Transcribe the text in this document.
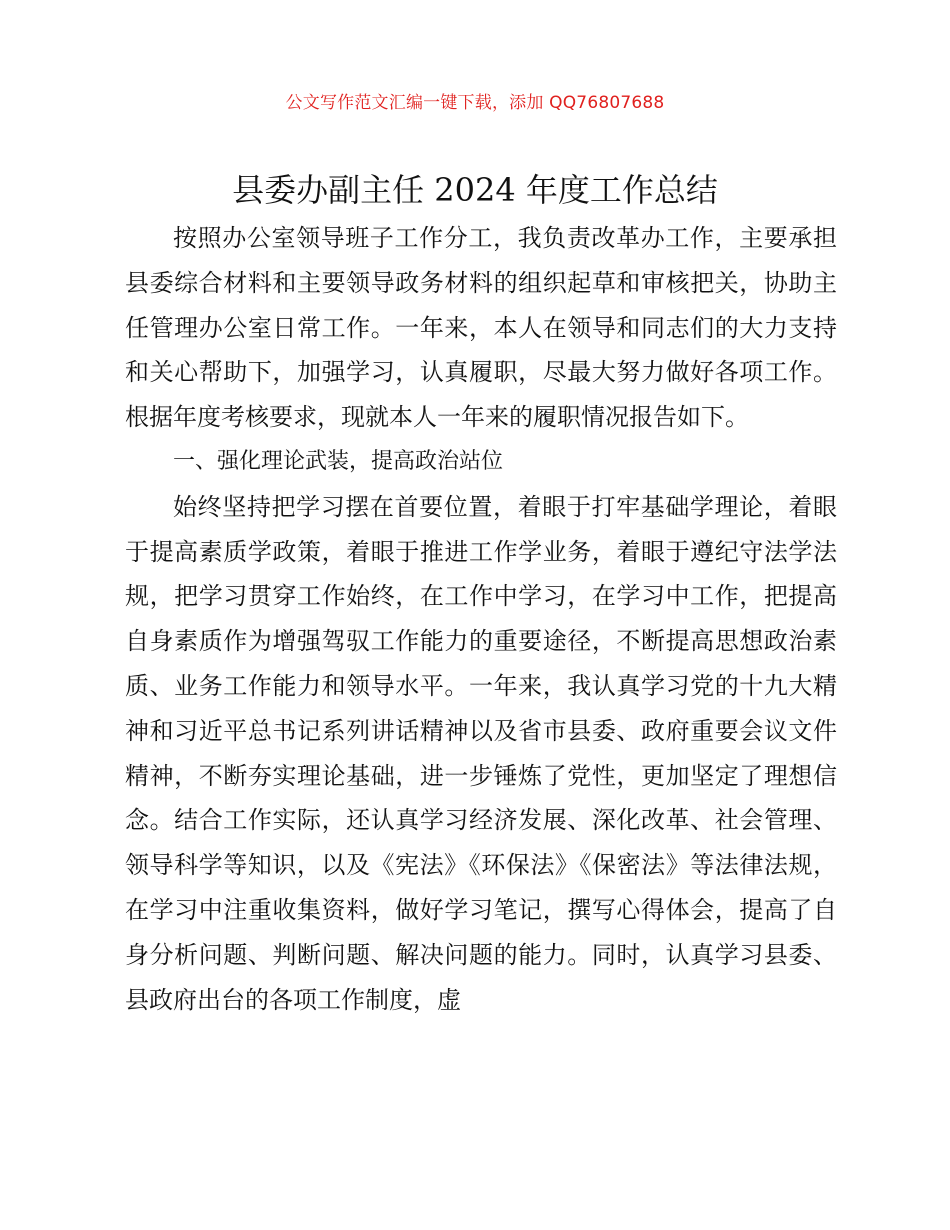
公文写作范文汇编一键下载，添加 QQ76807688
县委办副主任 2024 年度工作总结

按照办公室领导班子工作分工，我负责改革办工作，主要承担县委综合材料和主要领导政务材料的组织起草和审核把关，协助主任管理办公室日常工作。一年来，本人在领导和同志们的大力支持和关心帮助下，加强学习，认真履职，尽最大努力做好各项工作。根据年度考核要求，现就本人一年来的履职情况报告如下。

一、强化理论武装，提高政治站位

始终坚持把学习摆在首要位置，着眼于打牢基础学理论，着眼于提高素质学政策，着眼于推进工作学业务，着眼于遵纪守法学法规，把学习贯穿工作始终，在工作中学习，在学习中工作，把提高自身素质作为增强驾驭工作能力的重要途径，不断提高思想政治素质、业务工作能力和领导水平。一年来，我认真学习党的十九大精神和习近平总书记系列讲话精神以及省市县委、政府重要会议文件精神，不断夯实理论基础，进一步锤炼了党性，更加坚定了理想信念。结合工作实际，还认真学习经济发展、深化改革、社会管理、领导科学等知识，以及《宪法》《环保法》《保密法》等法律法规，在学习中注重收集资料，做好学习笔记，撰写心得体会，提高了自身分析问题、判断问题、解决问题的能力。同时，认真学习县委、县政府出台的各项工作制度，虚
